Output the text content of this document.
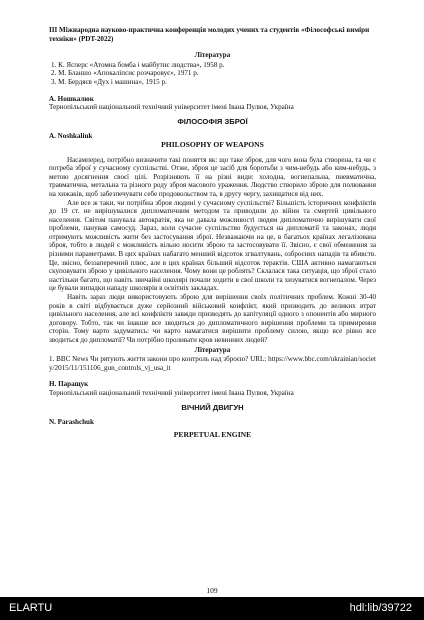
ІІІ Міжнародна науково-практична конференція молодих учених та студентів «Філософські виміри техніки» (PDT-2022)
Література
1. К. Ясперс «Атомна бомба і майбутнє людства», 1958 р.
2. М. Бланшо «Апокаліпсис розчаровує», 1971 р.
3. М. Бердяєв «Дух і машина», 1915 р.
А. Ношкалюк
Тернопільський національний технічний університет імені Івана Пулюя, Україна
ФІЛОСОФІЯ ЗБРОЇ
A. Noshkaliuk
PHILOSOPHY OF WEAPONS

Насамперед, потрібно визначити такі поняття як: що таке зброя, для чого вона була створена, та чи є потреба зброї у сучасному суспільстві. Отже, зброя це засіб для боротьби з чим-небудь або ким-небудь, з метою досягнення своєї цілі. Розрізняють її на різні види: холодна, вогнепальна, пневматична, травматична, метальна та різного роду зброя масового ураження. Людство створило зброю для полювання на хижаків, щоб забезпечувати себе продовольством та, в другу чергу, захищатися від них.

Але все ж таки, чи потрібна зброя людині у сучасному суспільстві? Більшість історичних конфліктів до 19 ст. не вирішувалися дипломатичним методом та приводили до війни та смертей цивільного населення. Світом панувала автократія, яка не давала можливості людям дипломатично вирішувати свої проблеми, панував самосуд. Зараз, коли сучасне суспільство будується на дипломатії та законах, люди отримують можливість жити без застосування зброї. Незважаючи на це, в багатьох країнах легалізована зброя, тобто в людей є можливість вільно носити зброю та застосовувати її. Звісно, є свої обмеження за різними параметрами. В цих країнах набагато менший відсоток згвалтувань, озброєних нападів та вбивств. Це, звісно, беззаперечний плюс, але в цих країнах більший відсоток терактів. США активно намагаються скуповувати зброю у цивільного населення. Чому вони це роблять? Склалася така ситуація, що зброї стало настільки багато, що навіть звичайні школярі почали ходити в свої школи та хизуватися вогнепалом. Через це бували випадки нападу школярів в освітніх закладах.

Навіть зараз люди використовують зброю для вирішення своїх політичних проблем. Кожні 30-40 років в світі відбувається дуже серйозний військовий конфлікт, який призводить до великих втрат цивільного населення, але всі конфлікти завжди призводять до капітуляції одного з опонентів або мирного договору. Тобто, так чи інакше все зводиться до дипломатичного вирішення проблеми та примирення сторін. Тому варто задуматись: чи варто намагатися вирішити проблему силою, якщо все рівно все зводиться до дипломатії? Чи потрібно проливати кров невинних людей?

Література
1. BBC News Чи рятують життя закони про контроль над зброєю? URL: https://www.bbc.com/ukrainian/society/2015/11/151106_gun_controls_vj_usa_it
Н. Паращук
Тернопільський національний технічний університет імені Івана Пулюя, Україна
ВІЧНИЙ ДВИГУН
N. Parashchuk
PERPETUAL ENGINE
109
ELARTU	hdl:lib/39722
